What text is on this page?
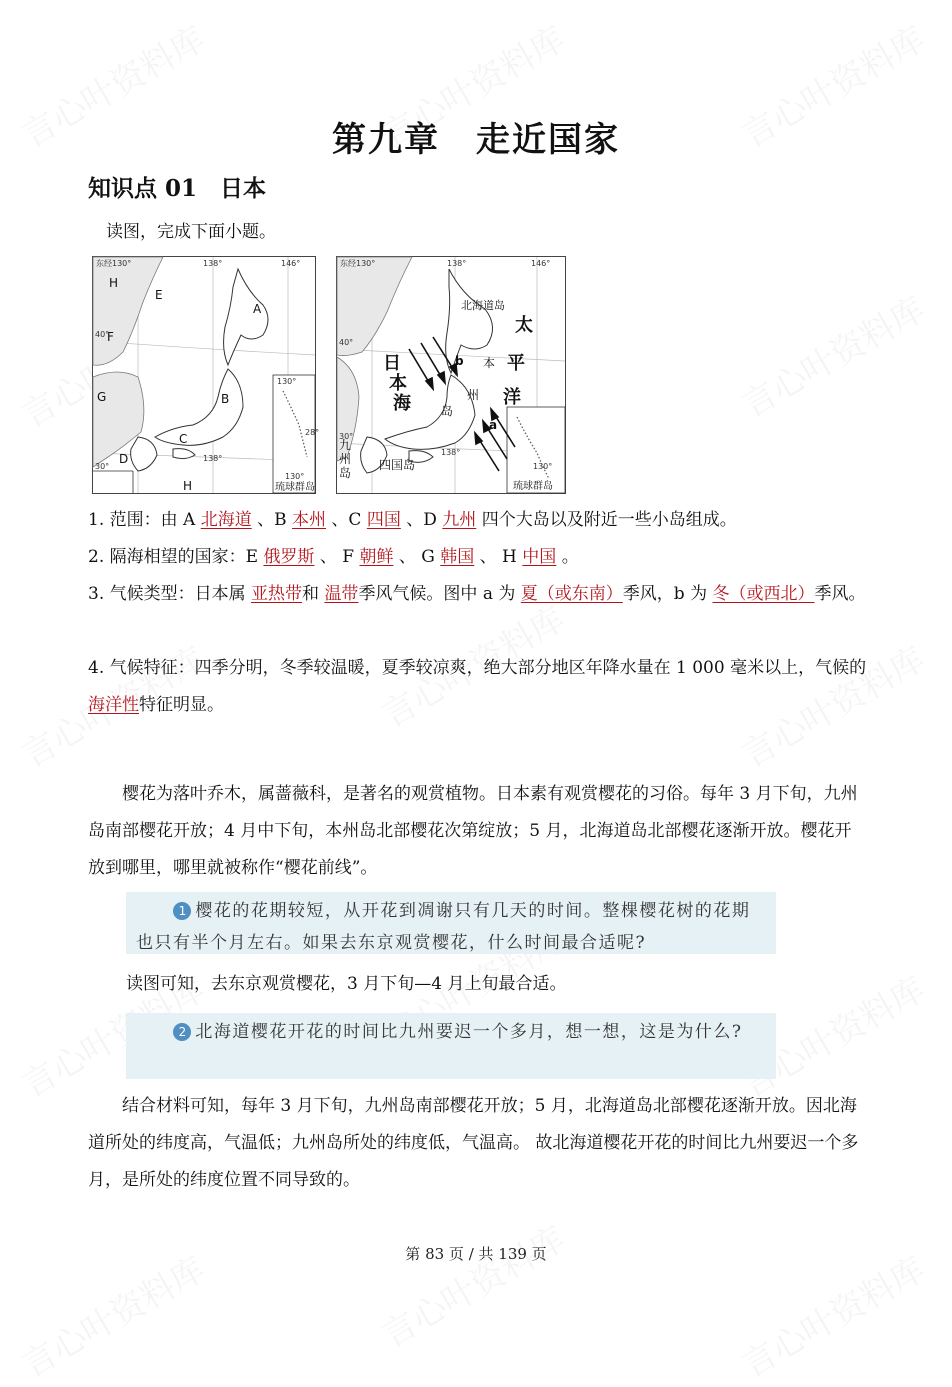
第九章　走近国家
知识点 01　日本
读图，完成下面小题。
东经130°	138°	146°
40°
30°
130°
138°
28°
130°
琉球群岛
H
E
A
F
G	B
C
D
H
东经130°	138°	146°
40°
30°
138°
130°
琉球群岛
北海道岛
太
平
洋
日
本
海
本
州
岛
九
州
岛
四国岛
b
a
1. 范围：由 A 北海道 、B 本州 、C 四国 、D 九州 四个大岛以及附近一些小岛组成。
2. 隔海相望的国家：E 俄罗斯 、 F 朝鲜 、 G 韩国 、 H 中国 。
3. 气候类型：日本属 亚热带和 温带季风气候。图中 a 为 夏（或东南）季风，b 为 冬（或西北）季风。
4. 气候特征：四季分明，冬季较温暖，夏季较凉爽，绝大部分地区年降水量在 1 000 毫米以上，气候的 海洋性特征明显。
樱花为落叶乔木，属蔷薇科，是著名的观赏植物。日本素有观赏樱花的习俗。每年 3 月下旬，九州岛南部樱花开放；4 月中下旬，本州岛北部樱花次第绽放；5 月，北海道岛北部樱花逐渐开放。樱花开放到哪里，哪里就被称作“樱花前线”。
1 樱花的花期较短，从开花到凋谢只有几天的时间。整棵樱花树的花期也只有半个月左右。如果去东京观赏樱花，什么时间最合适呢?
读图可知，去东京观赏樱花，3 月下旬—4 月上旬最合适。
2 北海道樱花开花的时间比九州要迟一个多月，想一想，这是为什么?
结合材料可知，每年 3 月下旬，九州岛南部樱花开放；5 月，北海道岛北部樱花逐渐开放。因北海道所处的纬度高，气温低；九州岛所处的纬度低，气温高。 故北海道樱花开花的时间比九州要迟一个多月，是所处的纬度位置不同导致的。
第 83 页 / 共 139 页
